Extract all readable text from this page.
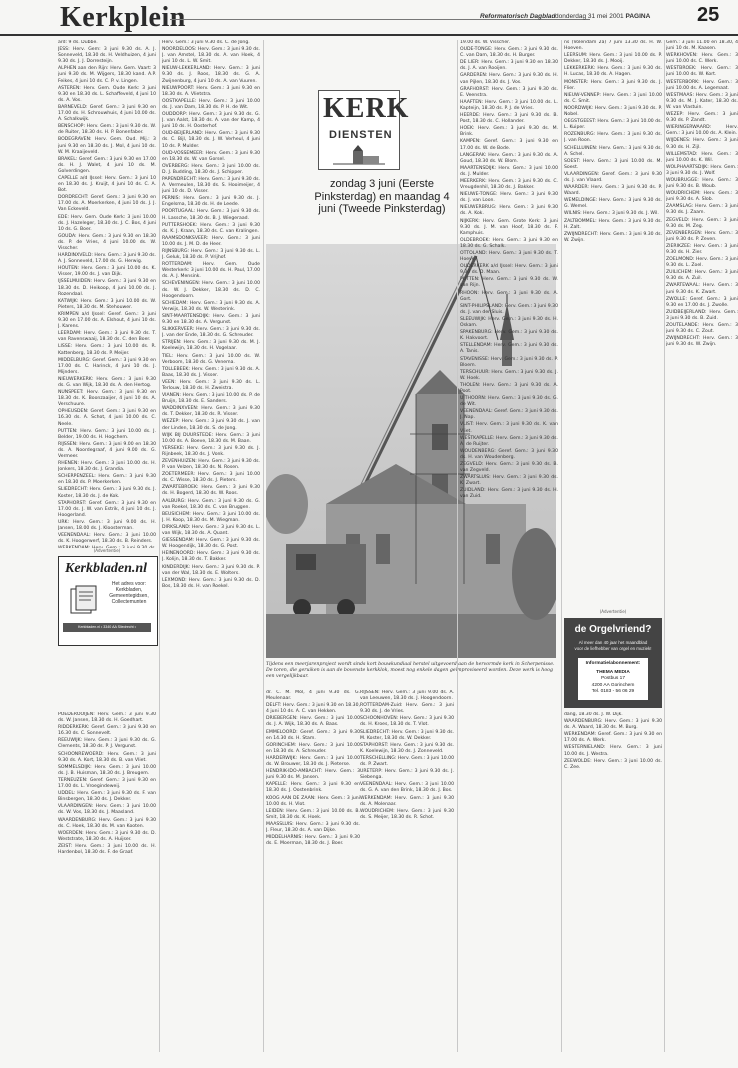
Kerkplein	Reformatorisch Dagblad donderdag 31 mei 2001 PAGINA 25

ard: 9 ds. Dubbe.

JESS: Herv. Gem: 3 juni 9.30 ds. A. J. Sonneveld, 18.30 ds. H. Veldhuizen, 4 juni 9.30 ds. J. J. Dorresteijn.

ALPHEN aan den Rijn: Herv. Gem. Vaart: 3 juni 9.30 ds. M. Wijgers, 18.30 kand. A.P. Feikes, 4 juni 10 ds. C. P. v. Lingen.

ASTEREN: Herv. Gem. Oude Kerk: 3 juni 9.30 en 18.30 ds. L. Schaffeveld, 4 juni 10 ds. A. Vos.

BARNEVELD: Geref. Gem.: 3 juni 9.30 en 17.00 ds. H. Schrouwhuis, 4 juni 10.00 ds. A. Schalkwijk.

BENSCHOP: Herv. Gem.: 3 juni 9.30 ds. W. de Ruiter, 18.30 ds. H. P. Bonenfaber.

BODEGRAVEN: Herv. Gem. Oud. Mij.: 3 juni 9.30 en 18.30 ds. J. Mol, 4 juni 10 ds. W. M. Kraaijeveld.

BRAKEL: Geref. Gem.: 3 juni 9.30 en 17.00 ds. H. J. Walet, 4 juni 10 ds. M. Golverdingen.

CAPELLE a/d IJssel: Herv. Gem.: 3 juni 10 en 18.30 ds. J. Kruijt, 4 juni 10 ds. C. A. Bot.

DORDRECHT: Geref. Gem.: 3 juni 9.30 en 17.00 ds. A. Moerkerken, 4 juni 10 ds. J. J. Van Eckeveld.

EDE: Herv. Gem. Oude Kerk: 3 juni 10.00 ds. J. Hazeleger, 18.30 ds. J. C. Bos, 4 juni 10 ds. G. Boer.

GOUDA: Herv. Gem.: 3 juni 9.30 en 18.30 ds. P. de Vries, 4 juni 10.00 ds. W. Visscher.

HARDINXVELD: Herv. Gem.: 3 juni 9.30 ds. A. J. Sonneveld, 17.00 ds. G. Herwig.

HOUTEN: Herv. Gem.: 3 juni 10.00 ds. K. Visser, 19.00 ds. J. van Dijk.

IJSSELMUIDEN: Herv. Gem.: 3 juni 9.30 en 18.30 ds. D. Heikoop, 4 juni 10.00 ds. J. Rozendaal.

KATWIJK: Herv. Gem.: 3 juni 10.00 ds. W. Pieters, 18.30 ds. M. Stehouwer.

KRIMPEN a/d IJssel: Geref. Gem.: 3 juni 9.30 en 17.00 ds. A. Elshout, 4 juni 10 ds. J. Karens.

LEERDAM: Herv. Gem.: 3 juni 9.30 ds. T. van Ravenswaaij, 18.30 ds. C. den Boer.

LISSE: Herv. Gem.: 3 juni 10.00 ds. R. Kattenberg, 18.30 ds. P. Meijer.

MIDDELBURG: Geref. Gem.: 3 juni 9.30 en 17.00 ds. C. Harinck, 4 juni 10 ds. J. Mijnders.

NIEUWERKERK: Herv. Gem.: 3 juni 9.30 ds. G. van Wijk, 18.30 ds. A. den Hertog.

NUNSPEET: Herv. Gem.: 3 juni 9.30 en 18.30 ds. K. Boonzaaijer, 4 juni 10 ds. A. Verschuure.

OPHEUSDEN: Geref. Gem.: 3 juni 9.30 en 16.30 ds. A. Schot, 4 juni 10.00 ds. C. Neele.

PUTTEN: Herv. Gem.: 3 juni 10.00 ds. J. Belder, 19.00 ds. H. Hogchem.

RIJSSEN: Herv. Gem.: 3 juni 9.00 en 18.30 ds. A. Noordegraaf, 4 juni 9.00 ds. G. Vermeer.

RHENEN: Herv. Gem.: 3 juni 10.00 ds. H. Jonkers, 18.30 ds. J. Grandia.

SCHERPENZEEL: Herv. Gem.: 3 juni 9.30 en 18.30 ds. P. Moerkerken.

SLIEDRECHT: Herv. Gem.: 3 juni 9.30 ds. J. Koster, 18.30 ds. J. de Kok.

STAPHORST: Geref. Gem.: 3 juni 9.30 en 17.00 ds. J. W. van Estrik, 4 juni 10 ds. J. Hoogerland.

URK: Herv. Gem.: 3 juni 9.00 ds. H. Jansen, 18.00 ds. J. Kloosterman.

VEENENDAAL: Herv. Gem.: 3 juni 10.00 ds. K. Hoogerwerf, 18.30 ds. B. Reinders.

(Advertentie)
Kerkbladen.nl
Het adres voor: Kerkbladen, Gemeentegidsen, Collectemunten
Kerkbladen.nl • 3340 AA Sliedrecht • www.kerkbladen.nl

POEDEROOIJEN: Herv. Gem.: 3 juni 9.30 ds. W. Jansen, 18.30 ds. H. Goedhart.

RIDDERKERK: Geref. Gem.: 3 juni 9.30 en 16.30 ds. C. Sonnevelt.

REEUWIJK: Herv. Gem.: 3 juni 9.30 ds. G. Clements, 18.30 ds. P. J. Vergunst.

SCHOONREWOERD: Herv. Gem.: 3 juni 9.30 ds. A. Kort, 18.30 ds. B. van Vliet.

SOMMELSDIJK: Herv. Gem.: 3 juni 10.00 ds. J. B. Huisman, 18.30 ds. J. Breugem.

TERNEUZEN: Geref. Gem.: 3 juni 9.30 en 17.00 ds. L. Vroegindeweij.

UDDEL: Herv. Gem.: 3 juni 9.30 ds. F. van Binsbergen, 18.30 ds. J. Dekker.

VLAARDINGEN: Herv. Gem.: 3 juni 10.00 ds. W. Vos, 18.30 ds. J. Maasland.

WAARDENBURG: Herv. Gem.: 3 juni 9.30 ds. C. Hoek, 18.30 ds. M. van Kooten.

WOERDEN: Herv. Gem.: 3 juni 9.30 ds. D. Weststrate, 18.30 ds. A. Huijser.

ZEIST: Herv. Gem.: 3 juni 10.00 ds. H. Hardenbol, 18.30 ds. F. de Graaf.

Herv. Gem.: 3 juni 9.30 ds. C. de Jong.

NOORDELOOS: Herv. Gem.: 3 juni 9.30 ds. J. van Amstel, 18.30 ds. A. van Hoek, 4 juni 10 ds. L. W. Smit.

NIEUW-LEKKERLAND: Herv. Gem.: 3 juni 9.30 ds. J. Roos, 18.30 ds. G. A. Zwijnenburg, 4 juni 10 ds. A. van Vuuren.

NIEUWPOORT: Herv. Gem.: 3 juni 9.30 en 18.30 ds. A. Vlietstra.

OOSTKAPELLE: Herv. Gem.: 3 juni 10.00 ds. J. van Dam, 18.30 ds. P. H. de Wit.

OUDDORP: Herv. Gem.: 3 juni 9.30 ds. G. J. van Aalst, 18.30 ds. A. van der Kamp, 4 juni 10 ds. H. Oosterhof.

OUD-BEIJERLAND: Herv. Gem.: 3 juni 9.30 ds. C. Bijl, 18.30 ds. J. W. Verheul, 4 juni 10 ds. P. Mulder.

OUD-VOSSEMEER: Herv. Gem.: 3 juni 9.30 en 18.30 ds. W. van Gorsel.

OVERBERG: Herv. Gem.: 3 juni 10.00 ds. D. J. Budding, 18.30 ds. J. Schipper.

PAPENDRECHT: Herv. Gem.: 3 juni 9.30 ds. A. Vermeulen, 18.30 ds. S. Hooimeijer, 4 juni 10 ds. D. Visser.

PERNIS: Herv. Gem.: 3 juni 9.30 ds. J. Engelsma, 18.30 ds. H. de Leede.

POORTUGAAL: Herv. Gem.: 3 juni 9.30 ds. H. Lassche, 18.30 ds. B. J. Wiegeraad.

PUTTERSHOEK: Herv. Gem.: 3 juni 9.30 ds. K. J. Kraan, 18.30 ds. C. van Kralingen.

RAAMSDONKSVEER: Herv. Gem.: 3 juni 10.00 ds. J. M. D. de Heer.

RIJNSBURG: Herv. Gem.: 3 juni 9.30 ds. L. J. Geluk, 18.30 ds. P. Vrijhof.

ROTTERDAM: Herv. Gem. Oude Westerkerk: 3 juni 10.00 ds. H. Paul, 17.00 ds. A. J. Mensink.

SCHEVENINGEN: Herv. Gem.: 3 juni 10.00 ds. W. J. Dekker, 18.30 ds. D. C. Hoogendoorn.

SCHIEDAM: Herv. Gem.: 3 juni 9.30 ds. A. Verwijs, 18.30 ds. W. Westerink.

SINT-MAARTENSDIJK: Herv. Gem.: 3 juni 9.30 en 18.30 ds. A. Vergunst.

SLIKKERVEER: Herv. Gem.: 3 juni 9.30 ds. J. van der Ende, 18.30 ds. G. Schreuder.

STRIJEN: Herv. Gem.: 3 juni 9.30 ds. M. J. Koelewijn, 18.30 ds. H. Vogelaar.

TIEL: Herv. Gem.: 3 juni 10.00 ds. W. Verboom, 18.30 ds. G. Venema.

TOLLEBEEK: Herv. Gem.: 3 juni 9.30 ds. A. Baas, 18.30 ds. J. Visser.

VEEN: Herv. Gem.: 3 juni 9.30 ds. L. Terlouw, 18.30 ds. H. Zweistra.

VIANEN: Herv. Gem.: 3 juni 10.00 ds. P. de Bruijn, 18.30 ds. E. Sanders.

WADDINXVEEN: Herv. Gem.: 3 juni 9.30 ds. T. Dekker, 18.30 ds. R. Visser.

WEZEP: Herv. Gem.: 3 juni 9.30 ds. J. van der Linden, 18.30 ds. S. de Jong.

WIJK BIJ DUURSTEDE: Herv. Gem.: 3 juni 10.00 ds. A. Boeve, 18.30 ds. M. Baan.

YERSEKE: Herv. Gem.: 3 juni 9.30 ds. J. Rijnbeek, 18.30 ds. J. Vonk.

ZEVENHUIZEN: Herv. Gem.: 3 juni 9.30 ds. P. van Velzen, 18.30 ds. N. Rosen.

ZOETERMEER: Herv. Gem.: 3 juni 10.00 ds. C. Wisse, 18.30 ds. J. Pieters.

ZWARTEBROEK: Herv. Gem.: 3 juni 9.30 ds. H. Bogerd, 18.30 ds. W. Roos.

AALBURG: Herv. Gem.: 3 juni 9.30 ds. G. van Roekel, 18.30 ds. C. van Bruggen.

BEUSICHEM: Herv. Gem.: 3 juni 10.00 ds. J. H. Koop, 18.30 ds. M. Wiegman.

DIRKSLAND: Herv. Gem.: 3 juni 9.30 ds. L. van Wijk, 18.30 ds. A. Quant.

GIESSENDAM: Herv. Gem.: 3 juni 9.30 ds. W. Hoogendijk, 18.30 ds. G. Post.

HEINENOORD: Herv. Gem.: 3 juni 9.30 ds. J. Kolijn, 18.30 ds. T. Bakker.

KINDERDIJK: Herv. Gem.: 3 juni 9.30 ds. P. van der Wal, 18.30 ds. E. Wolters.

LEXMOND: Herv. Gem.: 3 juni 9.30 ds. D. Bos, 18.30 ds. H. van Roekel.

KERK
DIENSTEN
zondag 3 juni (Eerste Pinksterdag) en maandag 4 juni (Tweede Pinksterdag)
Tijdens een meerjarenproject wordt sinds kort bouwkundiaal herstel uitgevoerd aan de hervormde kerk in Scherpenisse. De toren, die geruiken is aan de bovenste kerkklok, moest nog enkele dagen geïmproviseerd worden. Deze werk is hoog een vergelijkbaar.

dr. C. M. Mol, 4 juni 9.30 ds. G. Meulenaar.

DELFT: Herv. Gem.: 3 juni 9.30 en 18.30, 4 juni 10 ds. A. C. van Hekken.

DRIEBERGEN: Herv. Gem.: 3 juni 10.00 ds. J. A. Wijk, 18.30 ds. A. Baas.

EMMELOORD: Geref. Gem.: 3 juni 9.30 en 14.30 ds. H. Stam.

GORINCHEM: Herv. Gem.: 3 juni 10.00 en 18.30 ds. A. Schreuder.

HARDERWIJK: Herv. Gem.: 3 juni 10.00 ds. W. Brouwer, 18.30 ds. J. Pieterse.

HENDRIK-IDO-AMBACHT: Herv. Gem.: 3 juni 9.30 ds. M. Jansen.

KAPELLE: Herv. Gem.: 3 juni 9.30 en 18.30 ds. J. Oostenbrink.

KOOG AAN DE ZAAN: Herv. Gem.: 3 juni 10.00 ds. H. Vlot.

LEIDEN: Herv. Gem.: 3 juni 10.00 ds. B. Smit, 18.30 ds. K. Hoek.

MAASSLUIS: Herv. Gem.: 3 juni 9.30 ds. J. Fleur, 18.30 ds. A. van Dijke.

MIDDELHARNIS: Herv. Gem.: 3 juni 9.30 ds. E. Moerman, 18.30 ds. J. Boer.

RIJSSEN: Herv. Gem.: 3 juni 9.00 ds. A. van Leeuwen, 18.30 ds. J. Hoogendoorn.

ROTTERDAM-Zuid: Herv. Gem.: 3 juni 9.30 ds. J. de Vries.

SCHOONHOVEN: Herv. Gem.: 3 juni 9.30 ds. H. Kroes, 18.30 ds. T. Vlot.

SLIEDRECHT: Herv. Gem.: 3 juni 9.30 ds. M. Koster, 18.30 ds. W. Dekker.

STAPHORST: Herv. Gem.: 3 juni 9.30 ds. K. Koelewijn, 18.30 ds. J. Zonneveld.

TERSCHELLING: Herv. Gem.: 3 juni 10.00 ds. P. Zwart.

URETERP: Herv. Gem.: 3 juni 9.30 ds. J. Siebenga.

VEENENDAAL: Herv. Gem.: 3 juni 10.00 ds. G. A. van den Brink, 18.30 ds. J. Bos.

WERKENDAM: Herv. Gem.: 3 juni 9.30 ds. A. Molenaar.

WOUDRICHEM: Herv. Gem.: 3 juni 9.30 ds. S. Meijer, 18.30 ds. R. Schot.

19.00 ds. W. Visscher.

OUDE-TONGE: Herv. Gem.: 3 juni 9.30 ds. C. van Dam, 18.30 ds. H. Burger.

DE LIER: Herv. Gem.: 3 juni 9.30 en 18.30 ds. J. A. van Rooijen.

GARDEREN: Herv. Gem.: 3 juni 9.30 ds. H. van Pijlen, 18.30 ds. J. Vos.

GRAFHORST: Herv. Gem.: 3 juni 9.30 ds. E. Veenstra.

HAAFTEN: Herv. Gem.: 3 juni 10.00 ds. L. Kapteijn, 18.30 ds. P. J. de Vries.

HEERDE: Herv. Gem.: 3 juni 9.30 ds. B. Post, 18.30 ds. C. Hollander.

HOEK: Herv. Gem.: 3 juni 9.30 ds. M. Brink.

KAMPEN: Geref. Gem.: 3 juni 9.30 en 17.00 ds. W. de Bode.

LANGERAK: Herv. Gem.: 3 juni 9.30 ds. A. Goud, 18.30 ds. W. Blom.

MAARTENSDIJK: Herv. Gem.: 3 juni 10.00 ds. J. Mulder.

MEERKERK: Herv. Gem.: 3 juni 9.30 ds. C. Vreugdenhil, 18.30 ds. J. Bakker.

NIEUWE-TONGE: Herv. Gem.: 3 juni 9.30 ds. J. van Loon.

NIEUWERBRUG: Herv. Gem.: 3 juni 9.30 ds. A. Kok.

NIJKERK: Herv. Gem. Grote Kerk: 3 juni 9.30 ds. J. M. van Hoof, 18.30 ds. F. Kamphuis.

OLDEBROEK: Herv. Gem.: 3 juni 9.30 en 18.30 ds. G. Schalk.

OTTOLAND: Herv. Gem.: 3 juni 9.30 ds. T. Hoeve.

OUDERKERK a/d IJssel: Herv. Gem.: 3 juni 9.30 ds. D. Maan.

PUTTEN: Herv. Gem.: 3 juni 9.30 ds. W. van Rijn.

RHOON: Herv. Gem.: 3 juni 9.30 ds. A. Gort.

SINT-PHILIPSLAND: Herv. Gem.: 3 juni 9.30 ds. J. van der Sluis.

SLEEUWIJK: Herv. Gem.: 3 juni 9.30 ds. H. Oskam.

SPAKENBURG: Herv. Gem.: 3 juni 9.30 ds. K. Hakvoort.

STELLENDAM: Herv. Gem.: 3 juni 9.30 ds. A. Tanis.

STAVENISSE: Herv. Gem.: 3 juni 9.30 ds. P. Bloem.

TERSCHUUR: Herv. Gem.: 3 juni 9.30 ds. J. W. Hoek.

THOLEN: Herv. Gem.: 3 juni 9.30 ds. A. Poot.

UITHOORN: Herv. Gem.: 3 juni 9.30 ds. G. de Wit.

VEENENDAAL: Geref. Gem.: 3 juni 9.30 ds. J. Nap.

VLIST: Herv. Gem.: 3 juni 9.30 ds. K. van Vliet.

WESTKAPELLE: Herv. Gem.: 3 juni 9.30 ds. A. de Ruijter.

WOUDENBERG: Geref. Gem.: 3 juni 9.30 ds. H. van Woudenberg.

ZEGVELD: Herv. Gem.: 3 juni 9.30 ds. B. van Zegveld.

ZWARTSLUIS: Herv. Gem.: 3 juni 9.30 ds. K. Zwart.

ZUIDLAND: Herv. Gem.: 3 juni 9.30 ds. H. van Zuid.

ns (Volendam 2a) 7 juni 13.30 ds. H. W. Hoeven.

LEERSUM: Herv. Gem.: 3 juni 10.00 ds. P. Dekker, 18.30 ds. J. Mooij.

LEKKERKERK: Herv. Gem.: 3 juni 9.30 ds. H. Lucas, 18.30 ds. A. Hagen.

MONSTER: Herv. Gem.: 3 juni 9.30 ds. J. Flier.

NIEUW-VENNEP: Herv. Gem.: 3 juni 10.00 ds. C. Smit.

NOORDWIJK: Herv. Gem.: 3 juni 9.30 ds. P. Nobel.

OEGSTGEEST: Herv. Gem.: 3 juni 10.00 ds. L. Kuiper.

ROZENBURG: Herv. Gem.: 3 juni 9.30 ds. J. van Roon.

SCHELLUINEN: Herv. Gem.: 3 juni 9.30 ds. A. Schel.

SOEST: Herv. Gem.: 3 juni 10.00 ds. M. Soest.

VLAARDINGEN: Geref. Gem.: 3 juni 9.30 ds. J. van Vlaard.

WAARDER: Herv. Gem.: 3 juni 9.30 ds. P. Waard.

WEMELDINGE: Herv. Gem.: 3 juni 9.30 ds. G. Wemel.

WILNIS: Herv. Gem.: 3 juni 9.30 ds. J. Wil.

ZALTBOMMEL: Herv. Gem.: 3 juni 9.30 ds. H. Zalt.

ZWIJNDRECHT: Herv. Gem.: 3 juni 9.30 ds. W. Zwijn.

(Advertentie)
de Orgelvriend?
Al meer dan 40 jaar het maandblad
voor de liefhebber van orgel en muziek!
Informatie/abonnement:
THEMA MEDIA
Postbus 17
4200 AA Gorinchem
Tel. 0183 - 56 06 29

dang, 18.30 ds. J. W. Dijk.

WAARDENBURG: Herv. Gem.: 3 juni 9.30 ds. A. Waard, 18.30 ds. M. Burg.

WERKENDAM: Geref. Gem.: 3 juni 9.30 en 17.00 ds. A. Werk.

WESTERNIELAND: Herv. Gem.: 3 juni 10.00 ds. J. Westra.

ZEEWOLDE: Herv. Gem.: 3 juni 10.00 ds. C. Zee.

Gem.: 3 juni 11.00 en 18.30, 4 juni 10 ds. M. Kaasen.

WERKHOVEN: Herv. Gem.: 3 juni 10.00 ds. C. Werk.

WESTBROEK: Herv. Gem.: 3 juni 10.00 ds. W. Kort.

WESTERBORK: Herv. Gem.: 3 juni 10.00 ds. A. Legemaat.

WESTMAAS: Herv. Gem.: 3 juni 9.30 ds. M. J. Kater, 18.30 ds. W. van Vlastuin.

WEZEP: Herv. Gem.: 3 juni 9.30 ds. P. Zandt.

WIERINGERWAARD: Herv. Gem.: 3 juni 10.00 ds. A. Klein.

WIJDENES: Herv. Gem.: 3 juni 9.30 ds. H. Zijl.

WILLEMSTAD: Herv. Gem.: 3 juni 10.00 ds. K. Wil.

WOLPHAARTSDIJK: Herv. Gem.: 3 juni 9.30 ds. J. Wolf.

WOUBRUGGE: Herv. Gem.: 3 juni 9.30 ds. B. Woub.

WOUDRICHEM: Herv. Gem.: 3 juni 9.30 ds. A. Slob.

ZAAMSLAG: Herv. Gem.: 3 juni 9.30 ds. J. Zaam.

ZEGVELD: Herv. Gem.: 3 juni 9.30 ds. M. Zeg.

ZEVENBERGEN: Herv. Gem.: 3 juni 9.30 ds. P. Zeven.

ZIERIKZEE: Herv. Gem.: 3 juni 9.30 ds. H. Zier.

ZOELMOND: Herv. Gem.: 3 juni 9.30 ds. L. Zoel.

ZUILICHEM: Herv. Gem.: 3 juni 9.30 ds. A. Zuil.

ZWARTEWAAL: Herv. Gem.: 3 juni 9.30 ds. K. Zwart.

ZWOLLE: Geref. Gem.: 3 juni 9.30 en 17.00 ds. J. Zwolle.

ZUIDBEIJERLAND: Herv. Gem.: 3 juni 9.30 ds. B. Zuid.

ZOUTELANDE: Herv. Gem.: 3 juni 9.30 ds. C. Zout.

ZWIJNDRECHT: Herv. Gem.: 3 juni 9.30 ds. W. Zwijn.
